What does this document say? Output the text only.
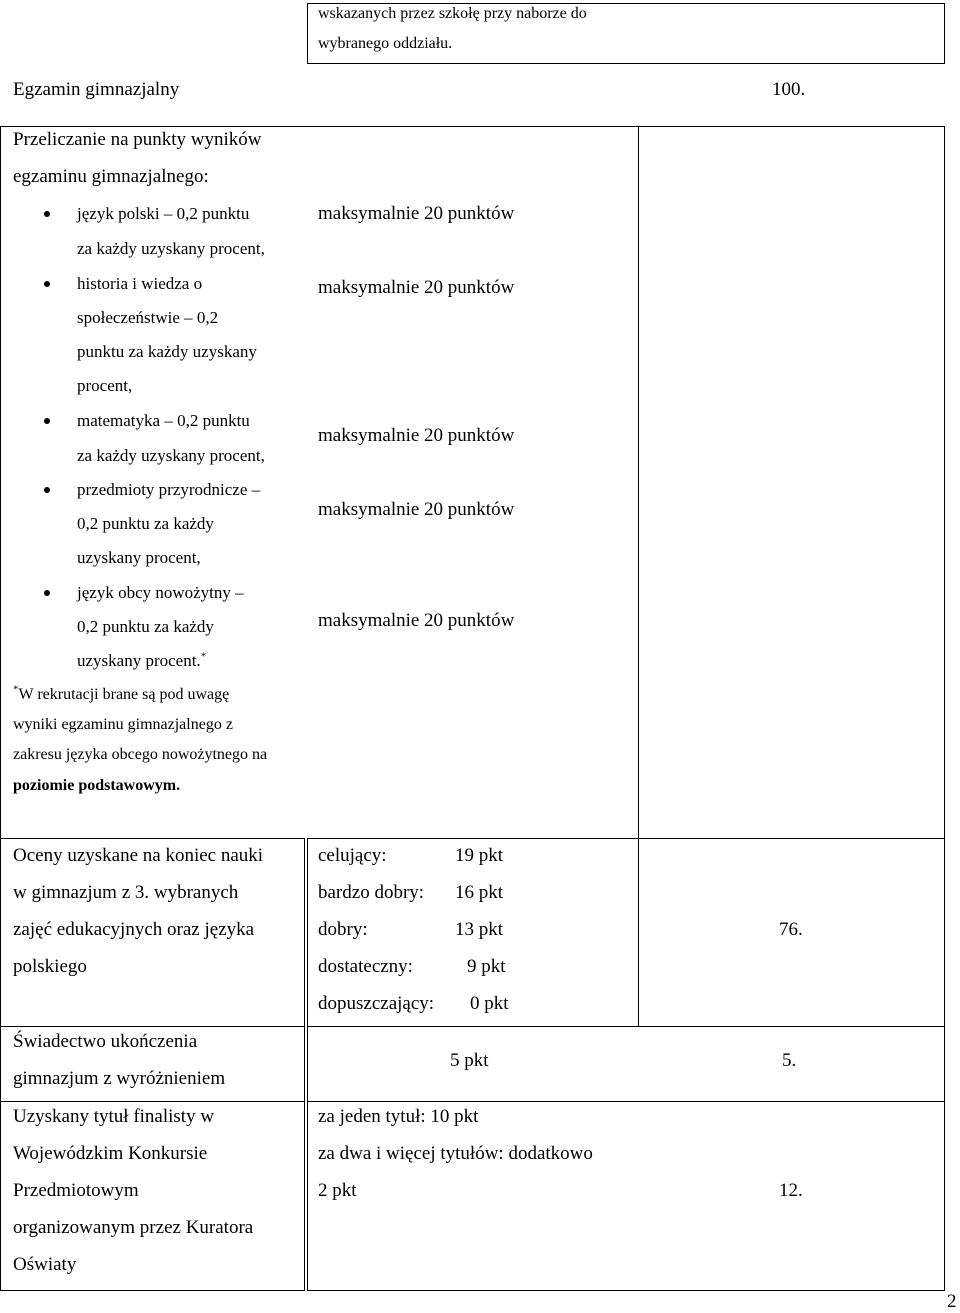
wskazanych przez szkołę przy naborze do
wybranego oddziału.
Egzamin gimnazjalny	100.
Przeliczanie na punkty wyników
egzaminu gimnazjalnego:
język polski – 0,2 punktu
za każdy uzyskany procent,
maksymalnie 20 punktów
historia i wiedza o
społeczeństwie – 0,2
punktu za każdy uzyskany
procent,
maksymalnie 20 punktów
matematyka – 0,2 punktu
za każdy uzyskany procent,
maksymalnie 20 punktów
przedmioty przyrodnicze –
0,2 punktu za każdy
uzyskany procent,
maksymalnie 20 punktów
język obcy nowożytny –
0,2 punktu za każdy
uzyskany procent.*
maksymalnie 20 punktów
*W rekrutacji brane są pod uwagę
wyniki egzaminu gimnazjalnego z
zakresu języka obcego nowożytnego na
poziomie podstawowym.
Oceny uzyskane na koniec nauki
w gimnazjum z 3. wybranych
zajęć edukacyjnych oraz języka
polskiego
celujący:	19 pkt
bardzo dobry: 16 pkt
dobry:	13 pkt
dostateczny:	9 pkt
dopuszczający: 0 pkt
76.
Świadectwo ukończenia
gimnazjum z wyróżnieniem
5 pkt	5.
Uzyskany tytuł finalisty w
Wojewódzkim Konkursie
Przedmiotowym
organizowanym przez Kuratora
Oświaty
za jeden tytuł: 10 pkt
za dwa i więcej tytułów: dodatkowo
2 pkt	12.
2
